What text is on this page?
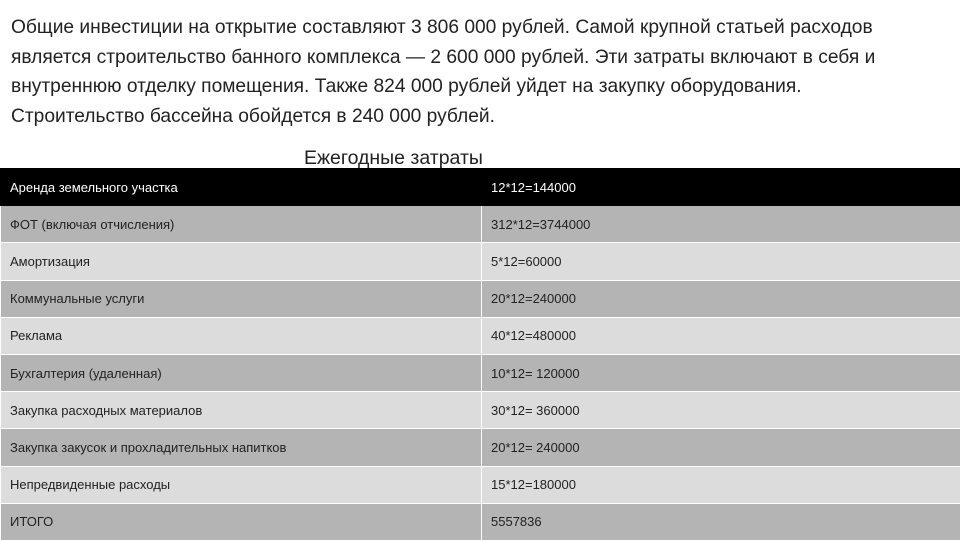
Общие инвестиции на открытие составляют 3 806 000 рублей. Самой крупной статьей расходов
является строительство банного комплекса — 2 600 000 рублей. Эти затраты включают в себя и
внутреннюю отделку помещения. Также 824 000 рублей уйдет на закупку оборудования.
Строительство бассейна обойдется в 240 000 рублей.

Ежегодные затраты
Аренда земельного участка	12*12=144000
ФОТ (включая отчисления)	312*12=3744000
Амортизация	5*12=60000
Коммунальные услуги	20*12=240000
Реклама	40*12=480000
Бухгалтерия (удаленная)	10*12= 120000
Закупка расходных материалов	30*12= 360000
Закупка закусок и прохладительных напитков	20*12= 240000
Непредвиденные расходы	15*12=180000
ИТОГО	5557836
